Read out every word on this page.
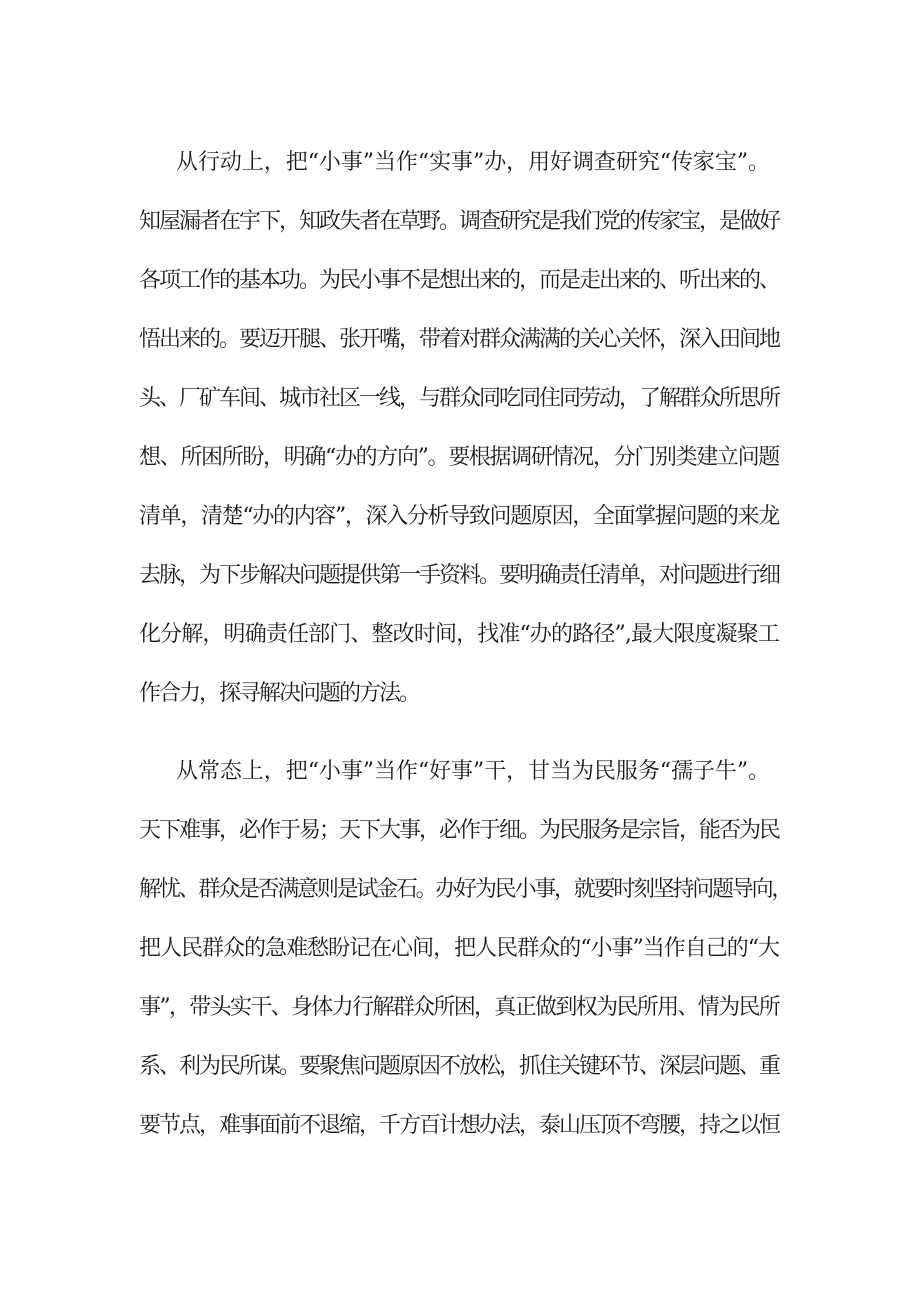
从行动上，把“小事”当作“实事”办，用好调查研究“传家宝”。
知屋漏者在宇下，知政失者在草野。调查研究是我们党的传家宝，是做好
各项工作的基本功。为民小事不是想出来的，而是走出来的、听出来的、
悟出来的。要迈开腿、张开嘴，带着对群众满满的关心关怀，深入田间地
头、厂矿车间、城市社区一线，与群众同吃同住同劳动，了解群众所思所
想、所困所盼，明确“办的方向”。要根据调研情况，分门别类建立问题
清单，清楚“办的内容”，深入分析导致问题原因，全面掌握问题的来龙
去脉，为下步解决问题提供第一手资料。要明确责任清单，对问题进行细
化分解，明确责任部门、整改时间，找准“办的路径”,最大限度凝聚工
作合力，探寻解决问题的方法。
从常态上，把“小事”当作“好事”干，甘当为民服务“孺子牛”。
天下难事，必作于易；天下大事，必作于细。为民服务是宗旨，能否为民
解忧、群众是否满意则是试金石。办好为民小事，就要时刻坚持问题导向，
把人民群众的急难愁盼记在心间，把人民群众的“小事”当作自己的“大
事”，带头实干、身体力行解群众所困，真正做到权为民所用、情为民所
系、利为民所谋。要聚焦问题原因不放松，抓住关键环节、深层问题、重
要节点，难事面前不退缩，千方百计想办法，泰山压顶不弯腰，持之以恒
